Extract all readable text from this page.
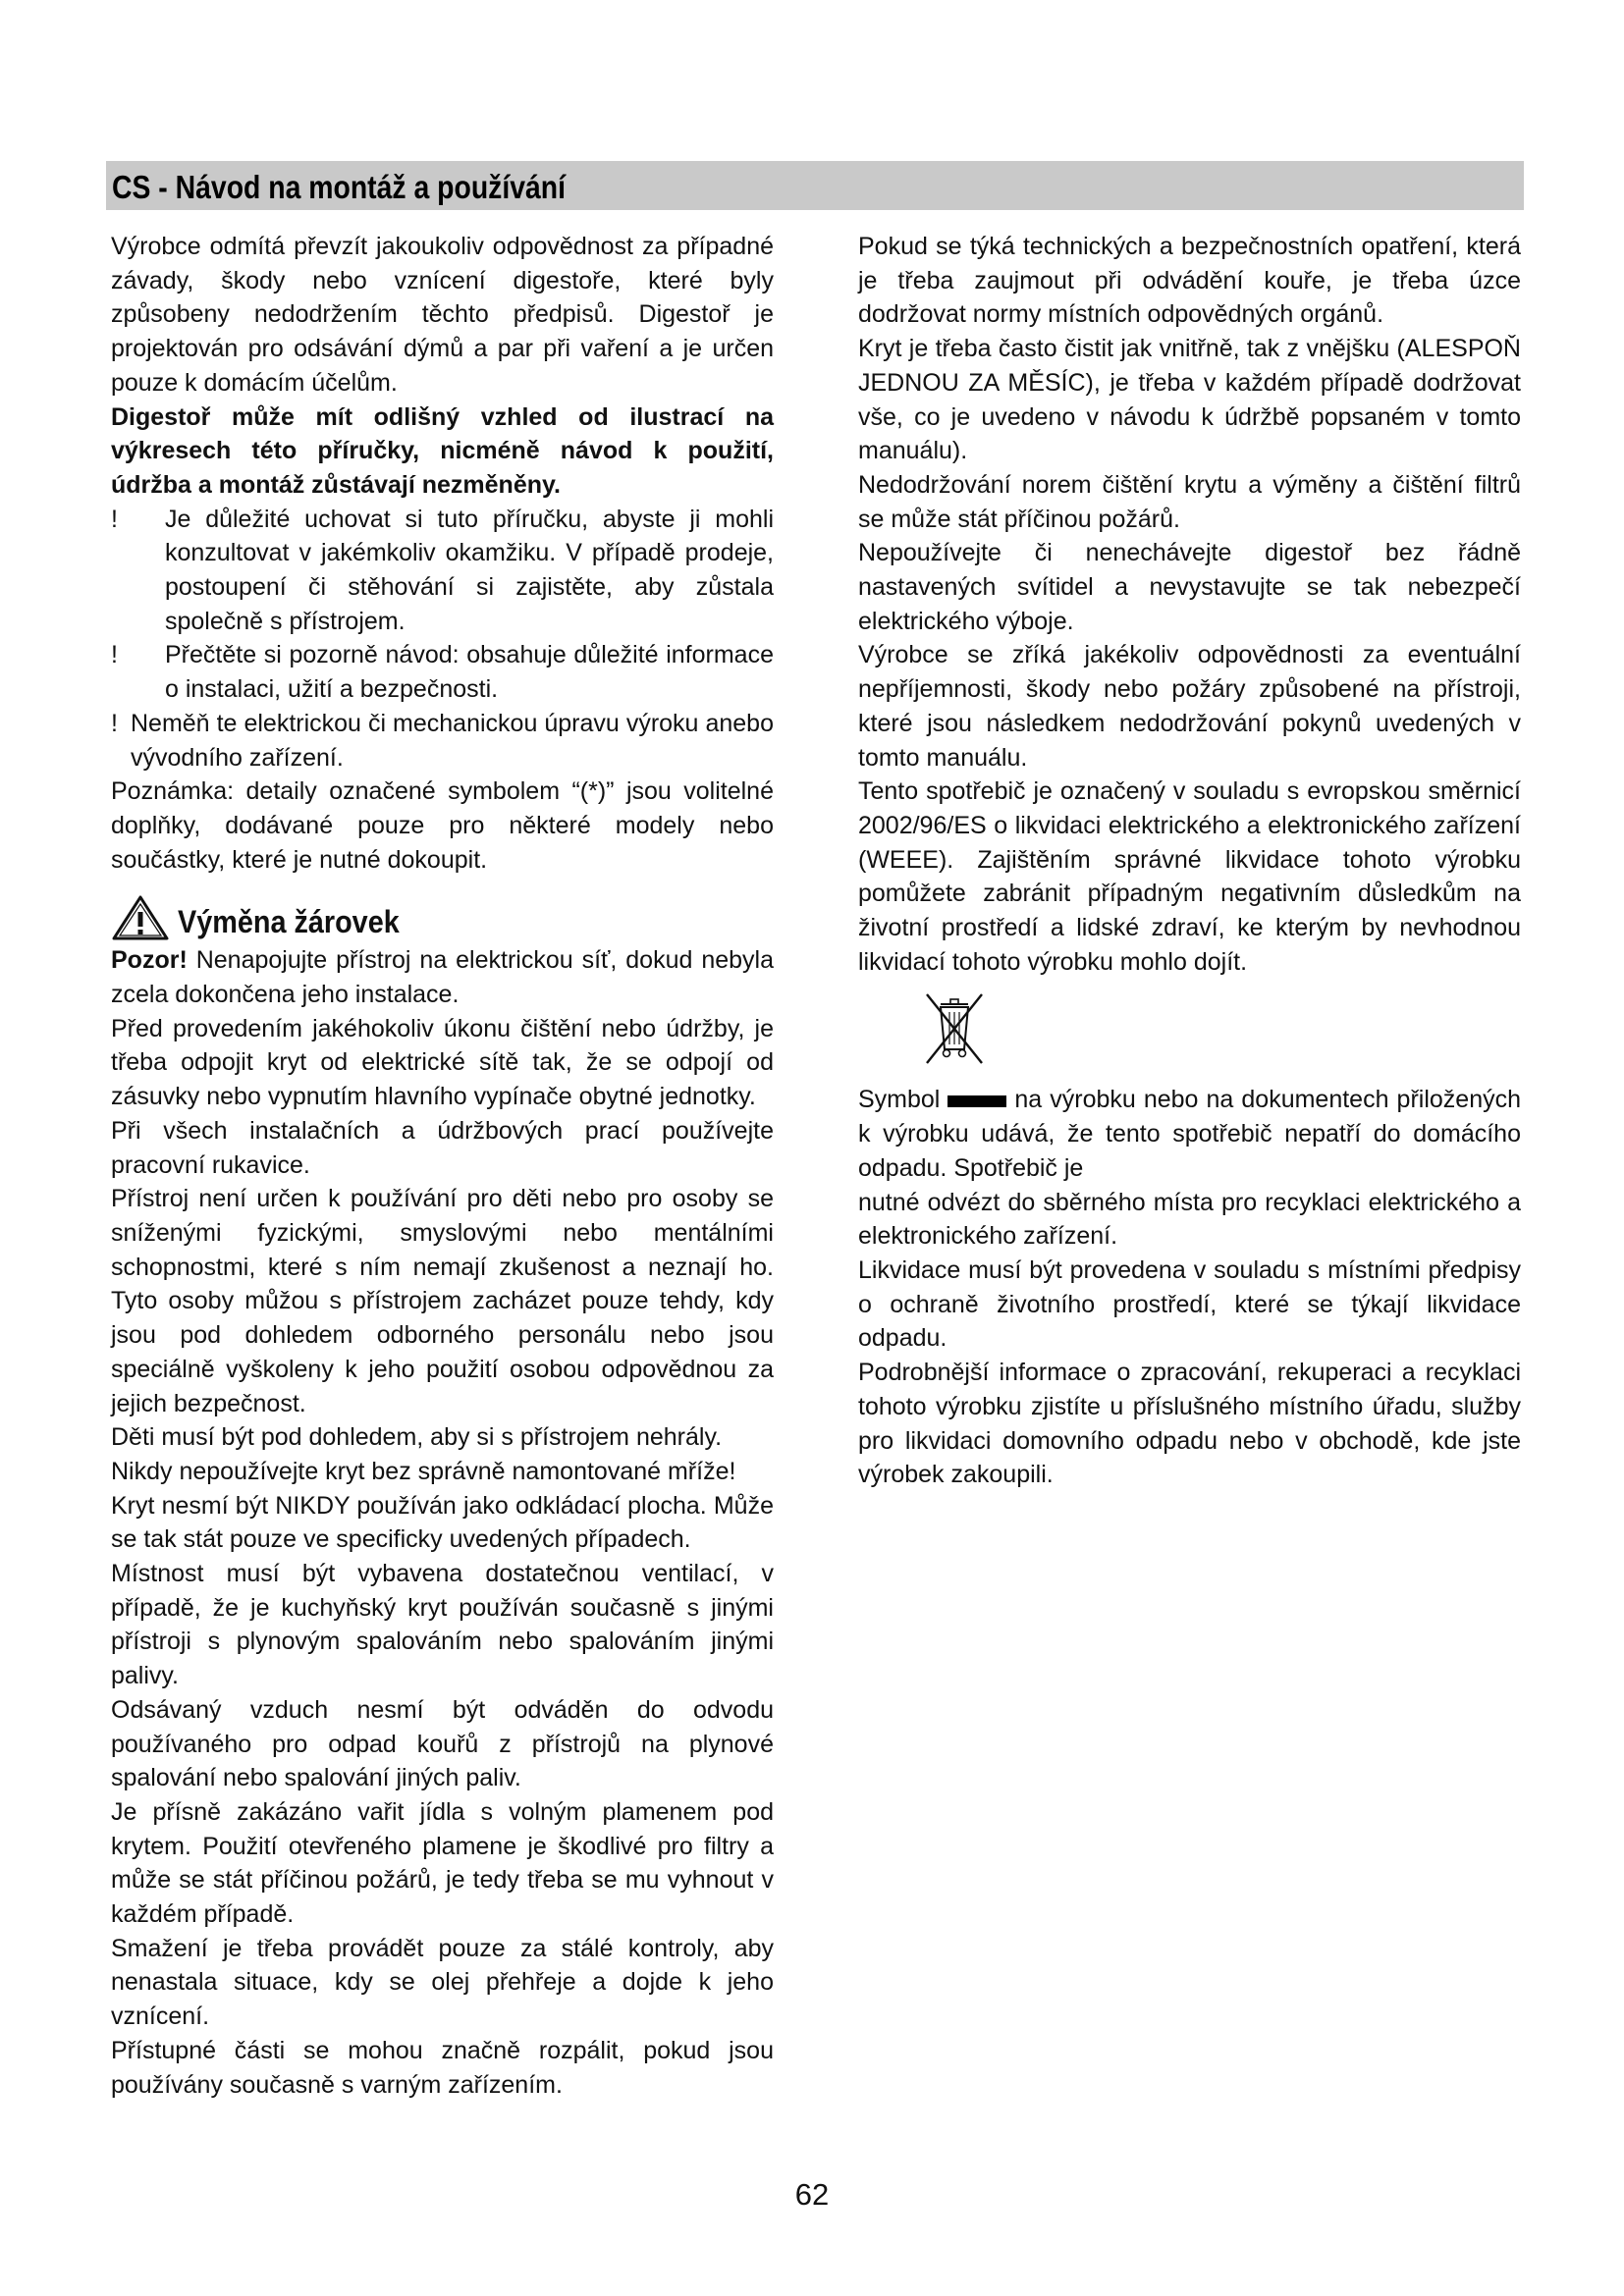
CS - Návod na montáž a používání

Výrobce odmítá převzít jakoukoliv odpovědnost za případné závady, škody nebo vznícení digestoře, které byly způsobeny nedodržením těchto předpisů. Digestoř je projektován pro odsávání dýmů a par při vaření a je určen pouze k domácím účelům.

Digestoř může mít odlišný vzhled od ilustrací na výkresech této příručky, nicméně návod k použití, údržba a montáž zůstávají nezměněny.

!	Je důležité uchovat si tuto příručku, abyste ji mohli konzultovat v jakémkoliv okamžiku. V případě prodeje, postoupení či stěhování si zajistěte, aby zůstala společně s přístrojem.
!	Přečtěte si pozorně návod: obsahuje důležité informace o instalaci, užití a bezpečnosti.
! Neměň te elektrickou či mechanickou úpravu výroku anebo vývodního zařízení.

Poznámka: detaily označené symbolem “(*)” jsou volitelné doplňky, dodávané pouze pro některé modely nebo součástky, které je nutné dokoupit.

Výměna žárovek

Pozor! Nenapojujte přístroj na elektrickou síť, dokud nebyla zcela dokončena jeho instalace.

Před provedením jakéhokoliv úkonu čištění nebo údržby, je třeba odpojit kryt od elektrické sítě tak, že se odpojí od zásuvky nebo vypnutím hlavního vypínače obytné jednotky.

Při všech instalačních a údržbových prací používejte pracovní rukavice.

Přístroj není určen k používání pro děti nebo pro osoby se sníženými fyzickými, smyslovými nebo mentálními schopnostmi, které s ním nemají zkušenost a neznají ho. Tyto osoby můžou s přístrojem zacházet pouze tehdy, kdy jsou pod dohledem odborného personálu nebo jsou speciálně vyškoleny k jeho použití osobou odpovědnou za jejich bezpečnost.

Děti musí být pod dohledem, aby si s přístrojem nehrály.

Nikdy nepoužívejte kryt bez správně namontované mříže!

Kryt nesmí být NIKDY používán jako odkládací plocha. Může se tak stát pouze ve specificky uvedených případech.

Místnost musí být vybavena dostatečnou ventilací, v případě, že je kuchyňský kryt používán současně s jinými přístroji s plynovým spalováním nebo spalováním jinými palivy.

Odsávaný vzduch nesmí být odváděn do odvodu používaného pro odpad kouřů z přístrojů na plynové spalování nebo spalování jiných paliv.

Je přísně zakázáno vařit jídla s volným plamenem pod krytem. Použití otevřeného plamene je škodlivé pro filtry a může se stát příčinou požárů, je tedy třeba se mu vyhnout v každém případě.

Smažení je třeba provádět pouze za stálé kontroly, aby nenastala situace, kdy se olej přehřeje a dojde k jeho vznícení.

Přístupné části se mohou značně rozpálit, pokud jsou používány současně s varným zařízením.

Pokud se týká technických a bezpečnostních opatření, která je třeba zaujmout při odvádění kouře, je třeba úzce dodržovat normy místních odpovědných orgánů.

Kryt je třeba často čistit jak vnitřně, tak z vnějšku (ALESPOŇ JEDNOU ZA MĚSÍC), je třeba v každém případě dodržovat vše, co je uvedeno v návodu k údržbě popsaném v tomto manuálu).

Nedodržování norem čištění krytu a výměny a čištění filtrů se může stát příčinou požárů.

Nepoužívejte či nenechávejte digestoř bez řádně nastavených svítidel a nevystavujte se tak nebezpečí elektrického výboje.

Výrobce se zříká jakékoliv odpovědnosti za eventuální nepříjemnosti, škody nebo požáry způsobené na přístroji, které jsou následkem nedodržování pokynů uvedených v tomto manuálu.

Tento spotřebič je označený v souladu s evropskou směrnicí 2002/96/ES o likvidaci elektrického a elektronického zařízení (WEEE). Zajištěním správné likvidace tohoto výrobku pomůžete zabránit případným negativním důsledkům na životní prostředí a lidské zdraví, ke kterým by nevhodnou likvidací tohoto výrobku mohlo dojít.

Symbol	na výrobku nebo na dokumentech přiložených k výrobku udává, že tento spotřebič nepatří do domácího odpadu. Spotřebič je

nutné odvézt do sběrného místa pro recyklaci elektrického a elektronického zařízení.

Likvidace musí být provedena v souladu s místními předpisy o ochraně životního prostředí, které se týkají likvidace odpadu.

Podrobnější informace o zpracování, rekuperaci a recyklaci tohoto výrobku zjistíte u příslušného místního úřadu, služby pro likvidaci domovního odpadu nebo v obchodě, kde jste výrobek zakoupili.

62
